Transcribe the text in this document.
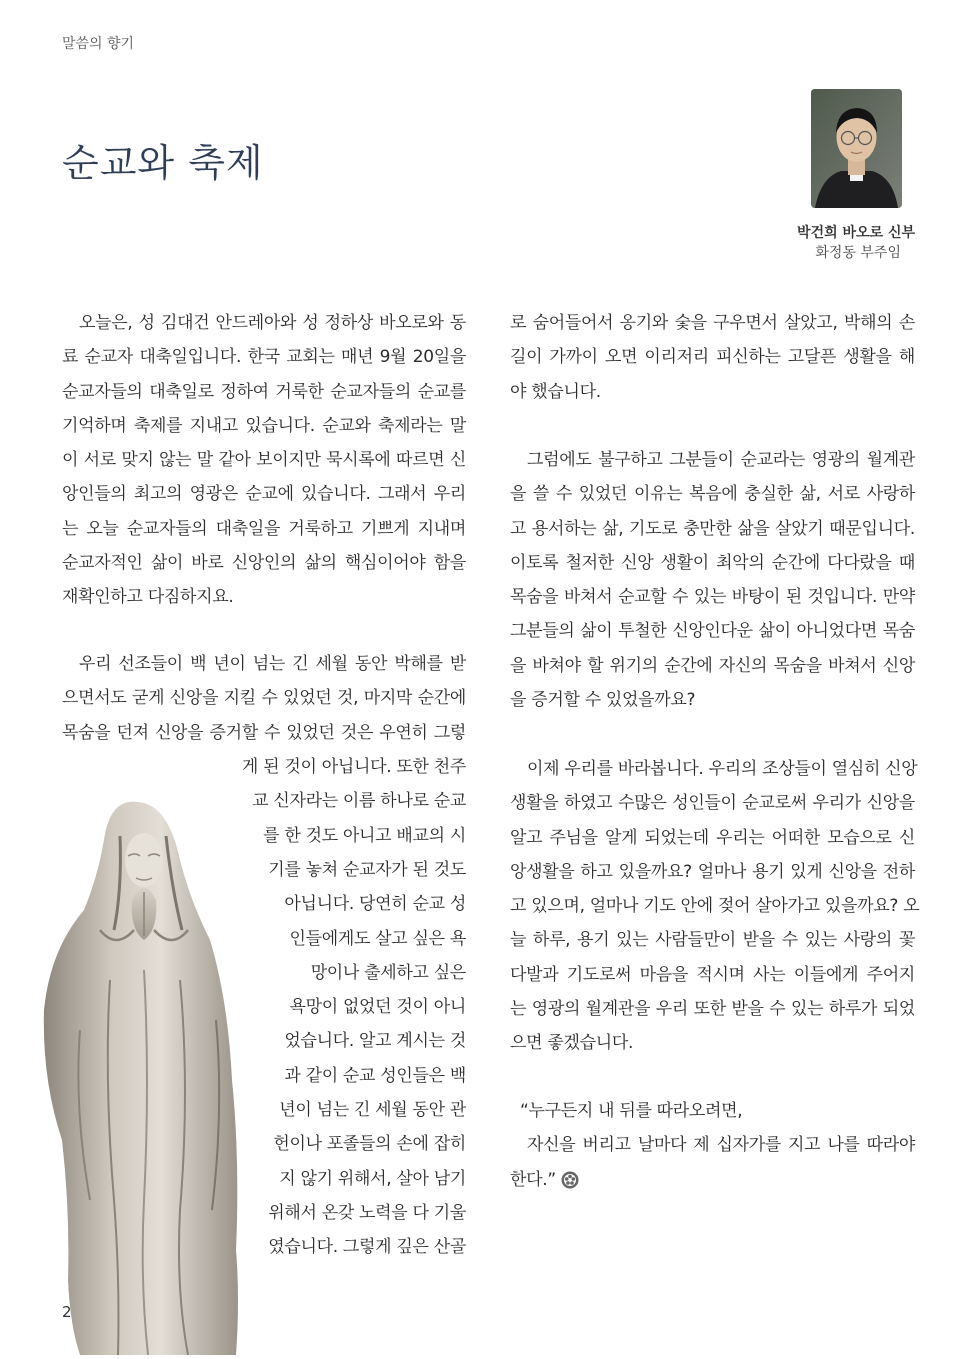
말씀의 향기
순교와 축제
박건희 바오로 신부
화정동 부주임
오늘은, 성 김대건 안드레아와 성 정하상 바오로와 동
료 순교자 대축일입니다. 한국 교회는 매년 9월 20일을
순교자들의 대축일로 정하여 거룩한 순교자들의 순교를
기억하며 축제를 지내고 있습니다. 순교와 축제라는 말
이 서로 맞지 않는 말 같아 보이지만 묵시록에 따르면 신
앙인들의 최고의 영광은 순교에 있습니다. 그래서 우리
는 오늘 순교자들의 대축일을 거룩하고 기쁘게 지내며
순교자적인 삶이 바로 신앙인의 삶의 핵심이어야 함을
재확인하고 다짐하지요.
우리 선조들이 백 년이 넘는 긴 세월 동안 박해를 받
으면서도 굳게 신앙을 지킬 수 있었던 것, 마지막 순간에
목숨을 던져 신앙을 증거할 수 있었던 것은 우연히 그렇
게 된 것이 아닙니다. 또한 천주
교 신자라는 이름 하나로 순교
를 한 것도 아니고 배교의 시
기를 놓쳐 순교자가 된 것도
아닙니다. 당연히 순교 성
인들에게도 살고 싶은 욕
망이나 출세하고 싶은
욕망이 없었던 것이 아니
었습니다. 알고 계시는 것
과 같이 순교 성인들은 백
년이 넘는 긴 세월 동안 관
헌이나 포졸들의 손에 잡히
지 않기 위해서, 살아 남기
위해서 온갖 노력을 다 기울
였습니다. 그렇게 깊은 산골
로 숨어들어서 옹기와 숯을 구우면서 살았고, 박해의 손
길이 가까이 오면 이리저리 피신하는 고달픈 생활을 해
야 했습니다.
그럼에도 불구하고 그분들이 순교라는 영광의 월계관
을 쓸 수 있었던 이유는 복음에 충실한 삶, 서로 사랑하
고 용서하는 삶, 기도로 충만한 삶을 살았기 때문입니다.
이토록 철저한 신앙 생활이 최악의 순간에 다다랐을 때
목숨을 바쳐서 순교할 수 있는 바탕이 된 것입니다. 만약
그분들의 삶이 투철한 신앙인다운 삶이 아니었다면 목숨
을 바쳐야 할 위기의 순간에 자신의 목숨을 바쳐서 신앙
을 증거할 수 있었을까요?
이제 우리를 바라봅니다. 우리의 조상들이 열심히 신앙
생활을 하였고 수많은 성인들이 순교로써 우리가 신앙을
알고 주님을 알게 되었는데 우리는 어떠한 모습으로 신
앙생활을 하고 있을까요? 얼마나 용기 있게 신앙을 전하
고 있으며, 얼마나 기도 안에 젖어 살아가고 있을까요? 오
늘 하루, 용기 있는 사람들만이 받을 수 있는 사랑의 꽃
다발과 기도로써 마음을 적시며 사는 이들에게 주어지
는 영광의 월계관을 우리 또한 받을 수 있는 하루가 되었
으면 좋겠습니다.
“누구든지 내 뒤를 따라오려면,
자신을 버리고 날마다 제 십자가를 지고 나를 따라야
한다.”
2
